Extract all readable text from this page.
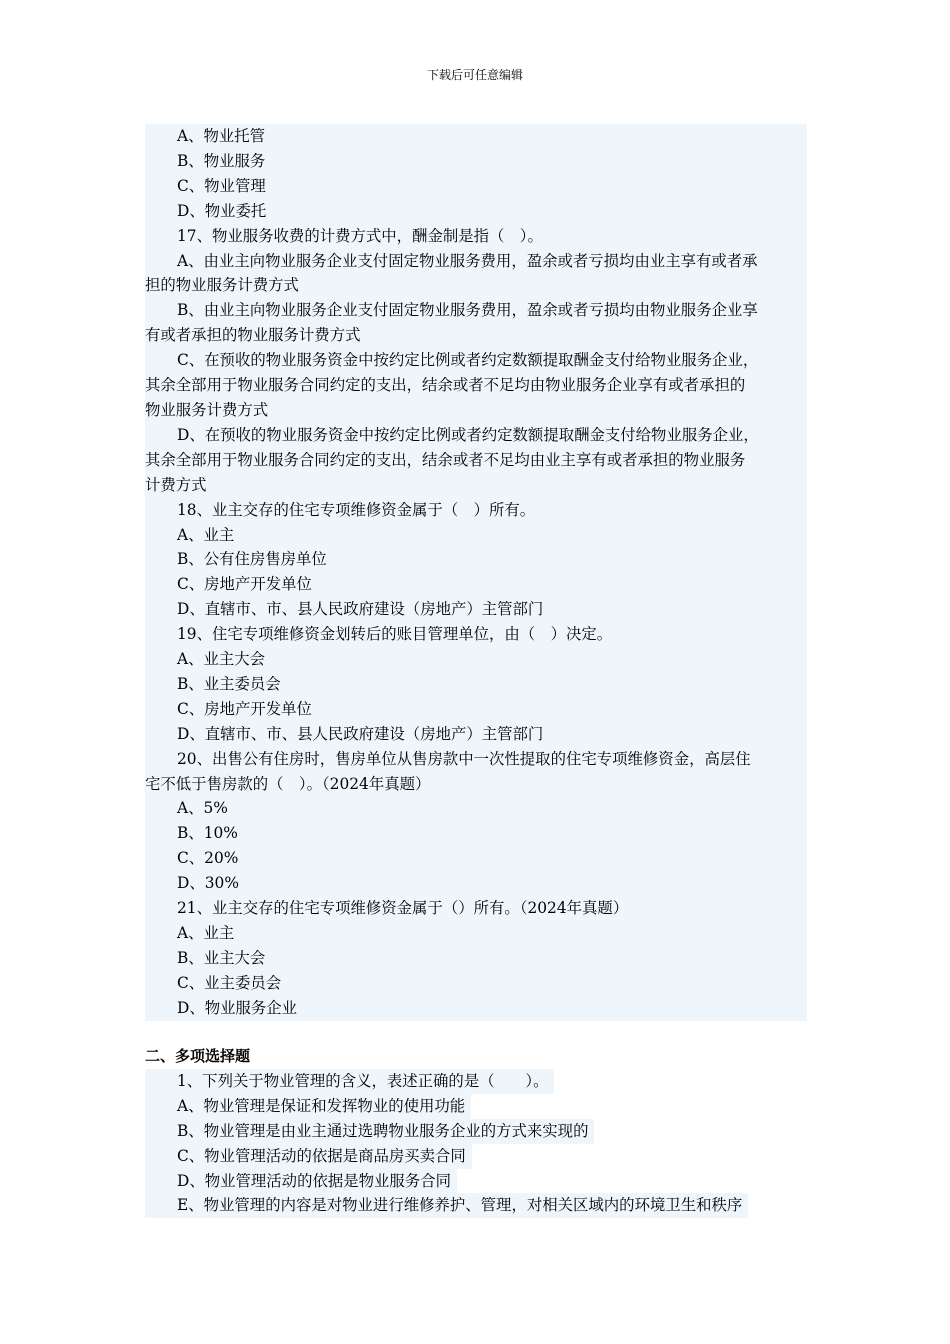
下载后可任意编辑
A、物业托管
B、物业服务
C、物业管理
D、物业委托
17、物业服务收费的计费方式中，酬金制是指（　）。
A、由业主向物业服务企业支付固定物业服务费用，盈余或者亏损均由业主享有或者承
担的物业服务计费方式
B、由业主向物业服务企业支付固定物业服务费用，盈余或者亏损均由物业服务企业享
有或者承担的物业服务计费方式
C、在预收的物业服务资金中按约定比例或者约定数额提取酬金支付给物业服务企业，
其余全部用于物业服务合同约定的支出，结余或者不足均由物业服务企业享有或者承担的
物业服务计费方式
D、在预收的物业服务资金中按约定比例或者约定数额提取酬金支付给物业服务企业，
其余全部用于物业服务合同约定的支出，结余或者不足均由业主享有或者承担的物业服务
计费方式
18、业主交存的住宅专项维修资金属于（　）所有。
A、业主
B、公有住房售房单位
C、房地产开发单位
D、直辖市、市、县人民政府建设（房地产）主管部门
19、住宅专项维修资金划转后的账目管理单位，由（　）决定。
A、业主大会
B、业主委员会
C、房地产开发单位
D、直辖市、市、县人民政府建设（房地产）主管部门
20、出售公有住房时，售房单位从售房款中一次性提取的住宅专项维修资金，高层住
宅不低于售房款的（　）。（2024年真题）
A、5%
B、10%
C、20%
D、30%
21、业主交存的住宅专项维修资金属于（）所有。（2024年真题）
A、业主
B、业主大会
C、业主委员会
D、物业服务企业
二、多项选择题
1、下列关于物业管理的含义，表述正确的是（　　）。
A、物业管理是保证和发挥物业的使用功能
B、物业管理是由业主通过选聘物业服务企业的方式来实现的
C、物业管理活动的依据是商品房买卖合同
D、物业管理活动的依据是物业服务合同
E、物业管理的内容是对物业进行维修养护、管理，对相关区域内的环境卫生和秩序
